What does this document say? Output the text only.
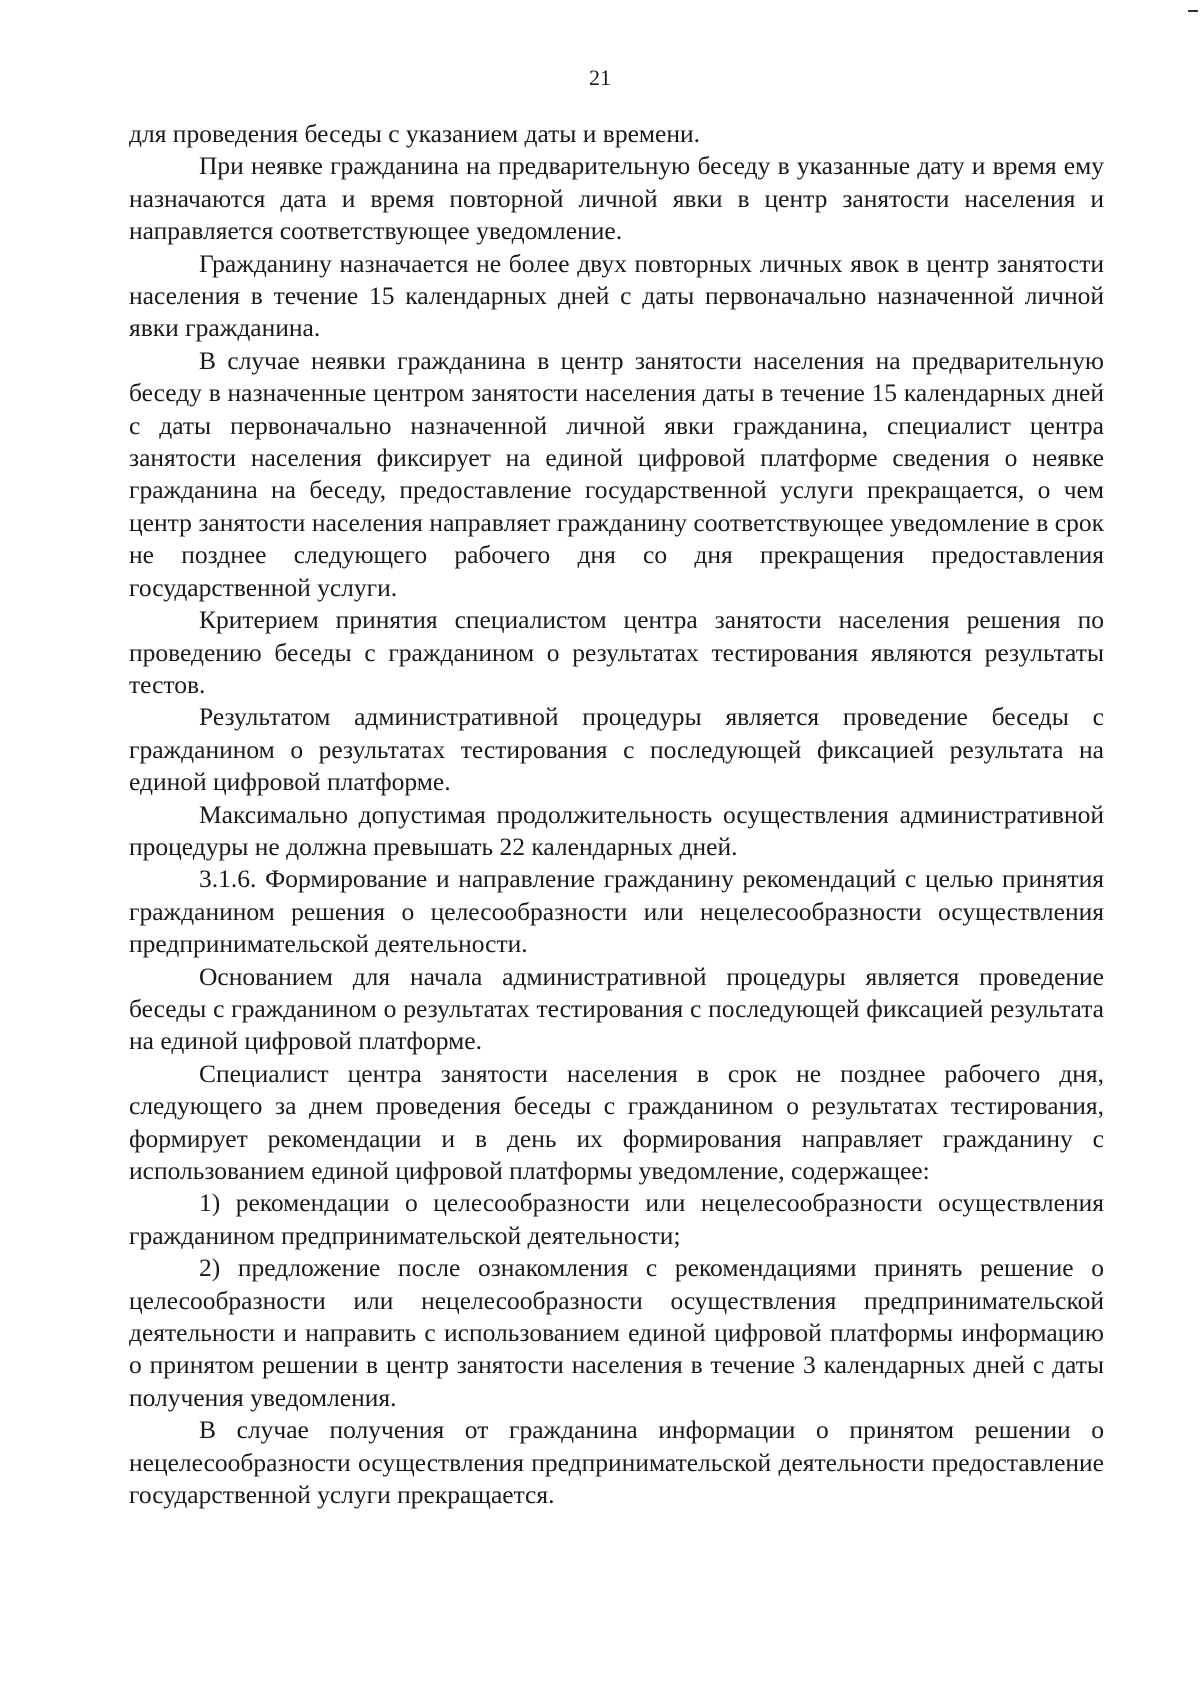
21

для проведения беседы с указанием даты и времени.

При неявке гражданина на предварительную беседу в указанные дату и время ему назначаются дата и время повторной личной явки в центр занятости населения и направляется соответствующее уведомление.

Гражданину назначается не более двух повторных личных явок в центр занятости населения в течение 15 календарных дней с даты первоначально назначенной личной явки гражданина.

В случае неявки гражданина в центр занятости населения на предварительную беседу в назначенные центром занятости населения даты в течение 15 календарных дней с даты первоначально назначенной личной явки гражданина, специалист центра занятости населения фиксирует на единой цифровой платформе сведения о неявке гражданина на беседу, предоставление государственной услуги прекращается, о чем центр занятости населения направляет гражданину соответствующее уведомление в срок не позднее следующего рабочего дня со дня прекращения предоставления государственной услуги.

Критерием принятия специалистом центра занятости населения решения по проведению беседы с гражданином о результатах тестирования являются результаты тестов.

Результатом административной процедуры является проведение беседы с гражданином о результатах тестирования с последующей фиксацией результата на единой цифровой платформе.

Максимально допустимая продолжительность осуществления административной процедуры не должна превышать 22 календарных дней.

3.1.6. Формирование и направление гражданину рекомендаций с целью принятия гражданином решения о целесообразности или нецелесообразности осуществления предпринимательской деятельности.

Основанием для начала административной процедуры является проведение беседы с гражданином о результатах тестирования с последующей фиксацией результата на единой цифровой платформе.

Специалист центра занятости населения в срок не позднее рабочего дня, следующего за днем проведения беседы с гражданином о результатах тестирования, формирует рекомендации и в день их формирования направляет гражданину с использованием единой цифровой платформы уведомление, содержащее:

1) рекомендации о целесообразности или нецелесообразности осуществления гражданином предпринимательской деятельности;

2) предложение после ознакомления с рекомендациями принять решение о целесообразности или нецелесообразности осуществления предпринимательской деятельности и направить с использованием единой цифровой платформы информацию о принятом решении в центр занятости населения в течение 3 календарных дней с даты получения уведомления.

В случае получения от гражданина информации о принятом решении о нецелесообразности осуществления предпринимательской деятельности предоставление государственной услуги прекращается.
